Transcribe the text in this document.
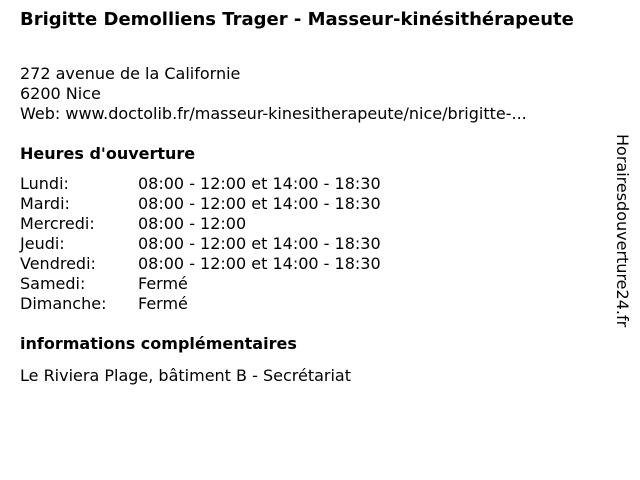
Brigitte Demolliens Trager - Masseur-kinésithérapeute
272 avenue de la Californie
6200 Nice
Web: www.doctolib.fr/masseur-kinesitherapeute/nice/brigitte-...
Heures d'ouverture
Lundi:	08:00 - 12:00 et 14:00 - 18:30
Mardi:	08:00 - 12:00 et 14:00 - 18:30
Mercredi:	08:00 - 12:00
Jeudi:	08:00 - 12:00 et 14:00 - 18:30
Vendredi:	08:00 - 12:00 et 14:00 - 18:30
Samedi:	Fermé
Dimanche:	Fermé
informations complémentaires
Le Riviera Plage, bâtiment B - Secrétariat
Horairesdouverture24.fr
